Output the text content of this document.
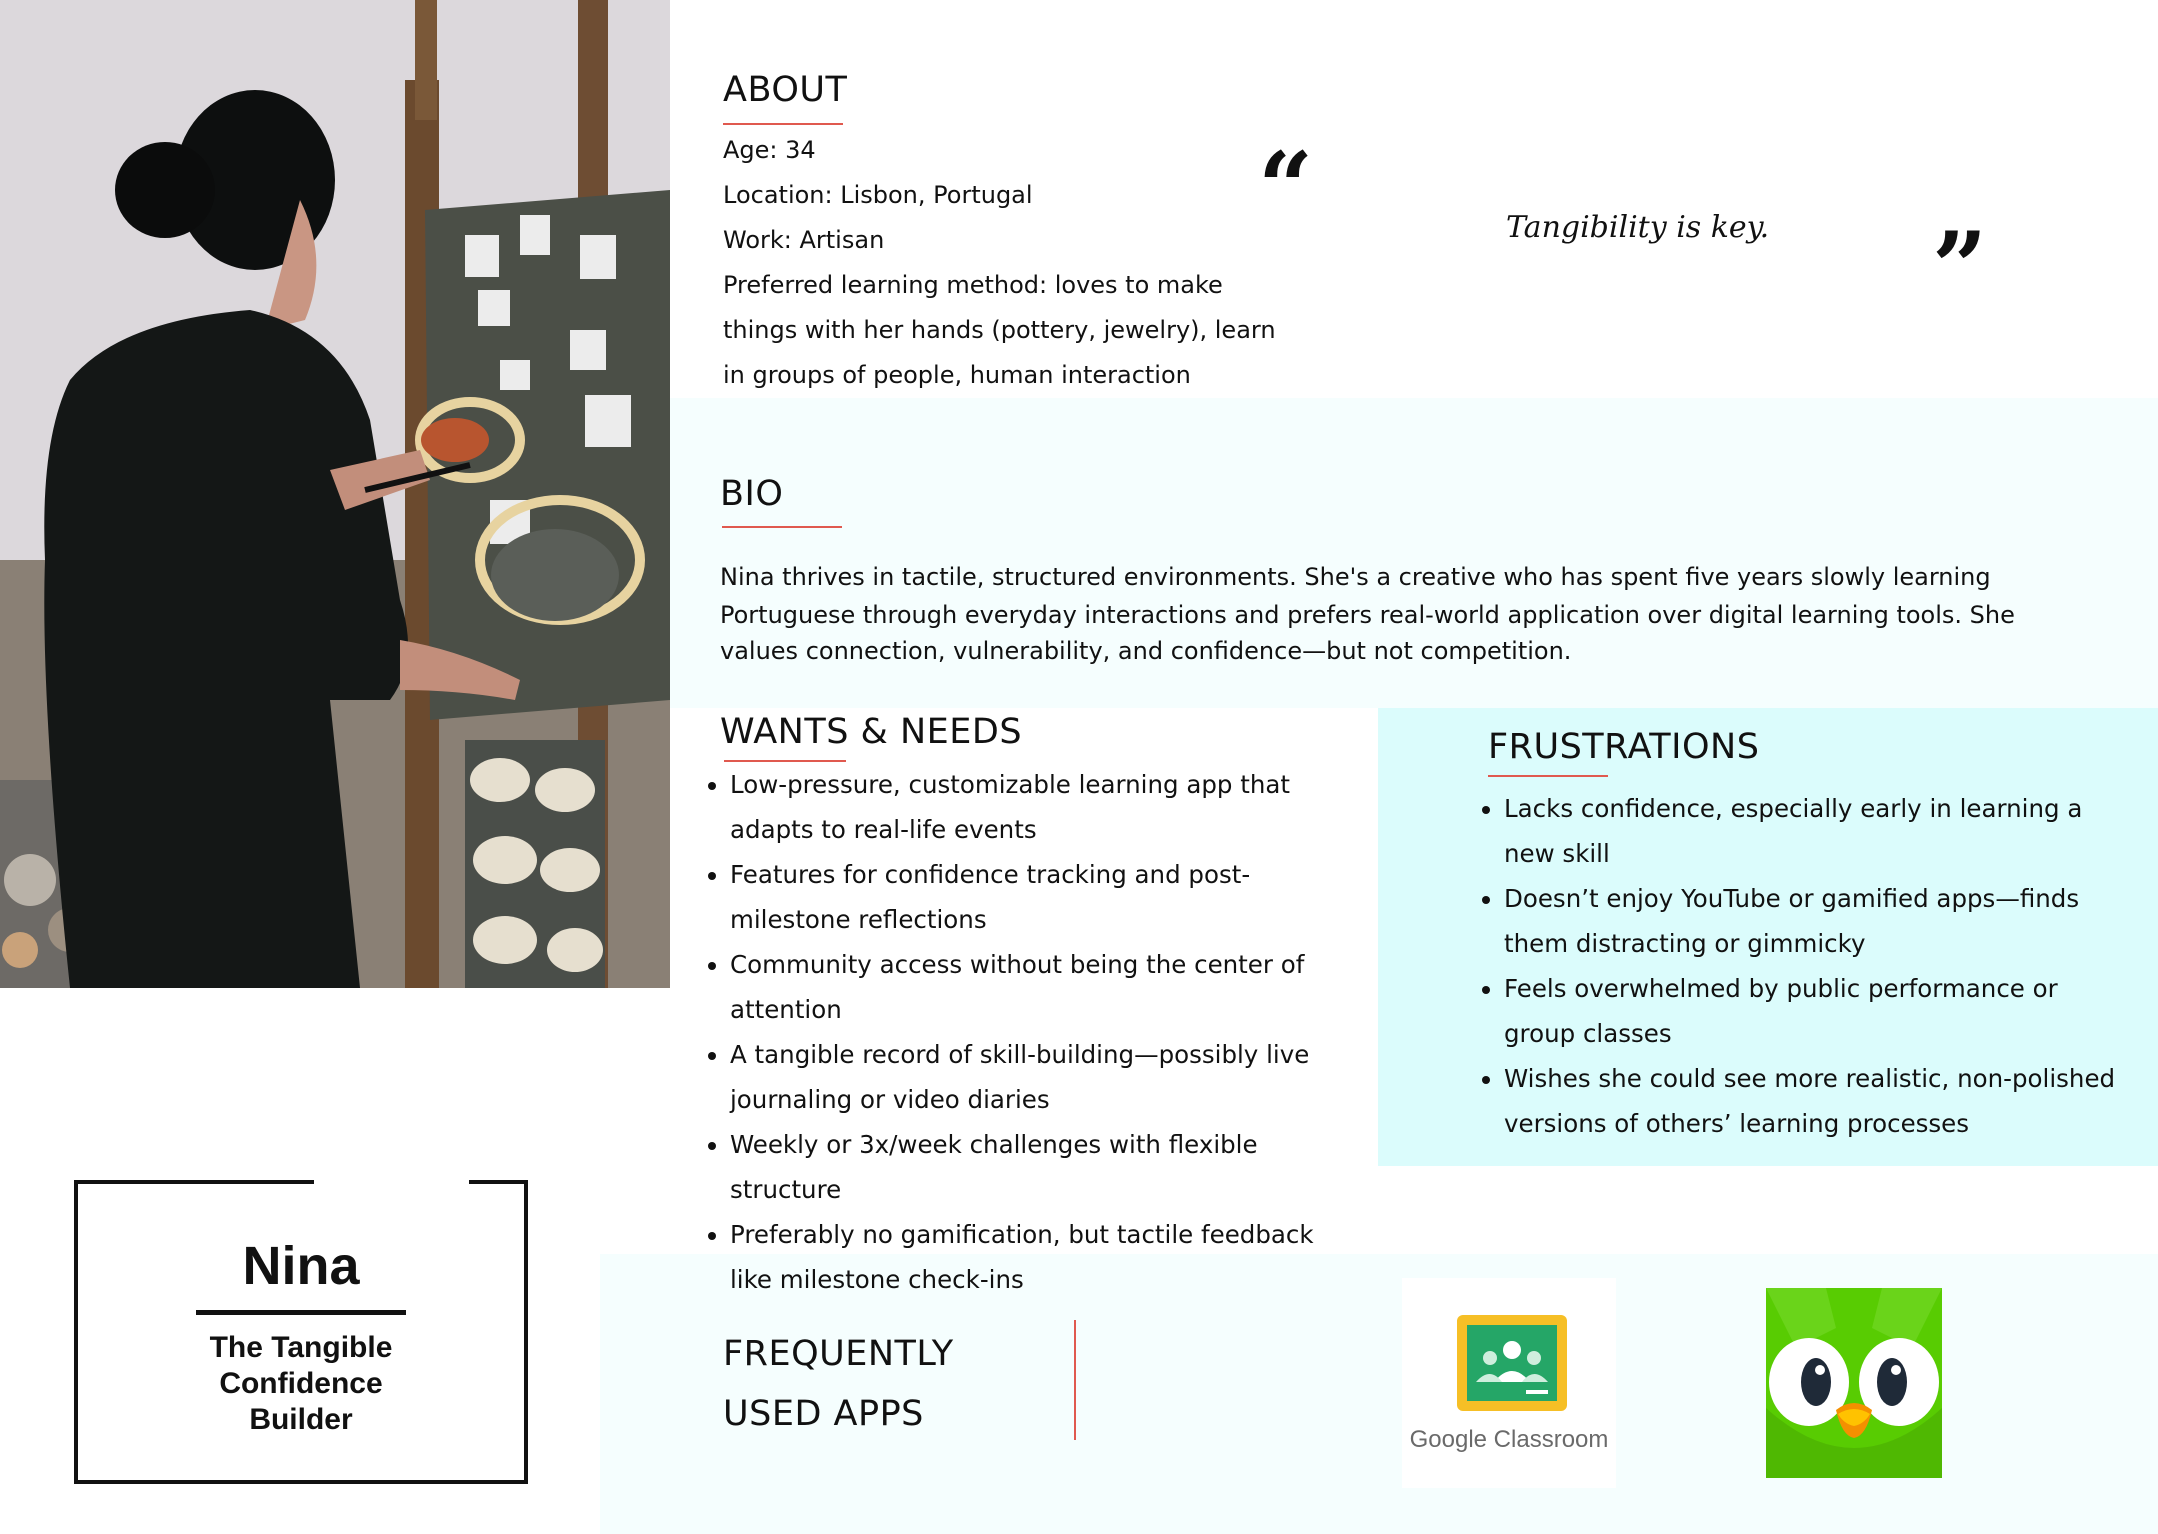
ABOUT
Age: 34
Location: Lisbon, Portugal
Work: Artisan
Preferred learning method: loves to make
things with her hands (pottery, jewelry), learn
in groups of people, human interaction
“	Tangibility is key. ”
BIO
Nina thrives in tactile, structured environments. She's a creative who has spent five years slowly learning
Portuguese through everyday interactions and prefers real-world application over digital learning tools. She
values connection, vulnerability, and confidence—but not competition.
WANTS & NEEDS
• Low-pressure, customizable learning app that adapts to real-life events
• Features for confidence tracking and post-milestone reflections
• Community access without being the center of attention
• A tangible record of skill-building—possibly live journaling or video diaries
• Weekly or 3x/week challenges with flexible structure
• Preferably no gamification, but tactile feedback like milestone check-ins
FRUSTRATIONS
• Lacks confidence, especially early in learning a new skill
• Doesn’t enjoy YouTube or gamified apps—finds them distracting or gimmicky
• Feels overwhelmed by public performance or group classes
• Wishes she could see more realistic, non-polished versions of others’ learning processes
Nina
The Tangible
Confidence
Builder
FREQUENTLY
USED APPS
Google Classroom
